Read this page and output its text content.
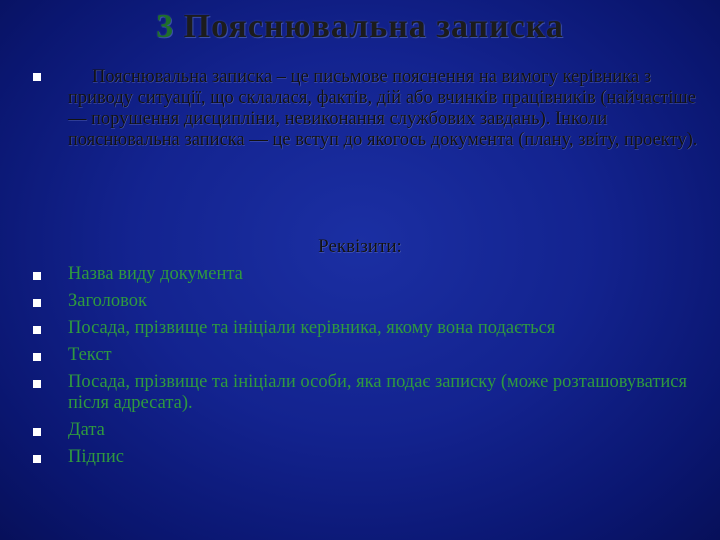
3 Пояснювальна записка
Пояснювальна записка – це письмове пояснення на вимогу керівника з приводу ситуації, що склалася, фактів, дій або вчинків працівників (найчастіше — порушення дисципліни, невиконання службових завдань). Інколи пояснювальна записка — це вступ до якогось документа (плану, звіту, проекту).
Реквізити:
Назва виду документа
Заголовок
Посада, прізвище та ініціали керівника, якому вона подається
Текст
Посада, прізвище та ініціали особи, яка подає записку (може розташовуватися після адресата).
Дата
Підпис
